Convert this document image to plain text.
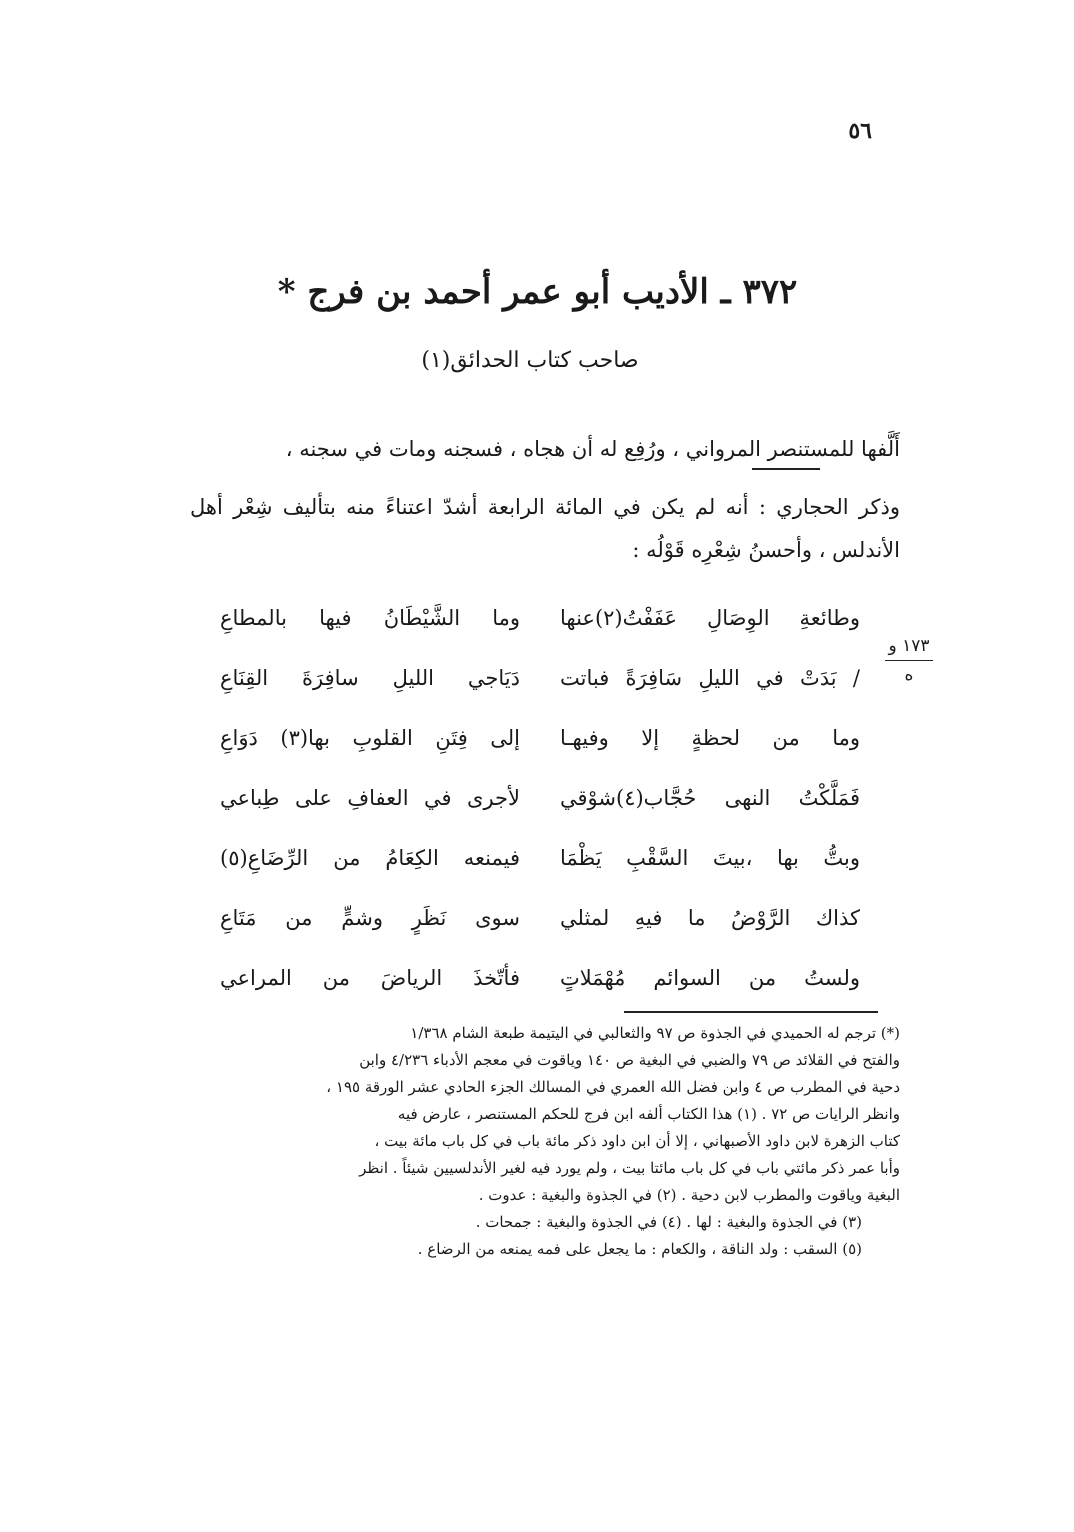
٥٦
٣٧٢ ـ الأديب أبو عمر أحمد بن فرج *
صاحب كتاب الحدائق(١)
أَلَّفها للمستنصر المرواني ، ورُفِع له أن هجاه ، فسجنه ومات في سجنه ،
وذكر الحجاري : أنه لم يكن في المائة الرابعة أشدّ اعتناءً منه بتأليف شِعْر أهل الأندلس ، وأحسنُ شِعْرِه قَوْلُه :
١٧٣ و
ه
وطائعةِ الوِصَالِ عَفَفْتُ(٢)عنها
وما الشَّيْطَانُ فيها بالمطاعِ
/ بَدَتْ في الليلِ سَافِرَةً فباتت
دَيَاجي الليلِ سافِرَةَ القِنَاعِ
وما من لحظةٍ إلا وفيهـا
إلى فِتَنِ القلوبِ بها(٣) دَوَاعِ
فَمَلَّكْتُ النهى حُجَّاب(٤)شوْقي
لأجرى في العفافِ على طِباعي
وبتُّ بها ،بيتَ السَّقْبِ يَظْمَا
فيمنعه الكِعَامُ من الرِّضَاعِ(٥)
كذاك الرَّوْضُ ما فيهِ لمثلي
سوى نَظَرٍ وشمٍّ من مَتَاعِ
ولستُ من السوائم مُهْمَلاتٍ
فأتّخذَ الرياضَ من المراعي
(*) ترجم له الحميدي في الجذوة ص ٩٧ والثعالبي في اليتيمة طبعة الشام ١/٣٦٨
والفتح في القلائد ص ٧٩ والضبي في البغية ص ١٤٠ وياقوت في معجم الأدباء ٤/٢٣٦ وابن
دحية في المطرب ص ٤ وابن فضل الله العمري في المسالك الجزء الحادي عشر الورقة ١٩٥ ،
وانظر الرايات ص ٧٢ . (١) هذا الكتاب ألفه ابن فرج للحكم المستنصر ، عارض فيه
كتاب الزهرة لابن داود الأصبهاني ، إلا أن ابن داود ذكر مائة باب في كل باب مائة بيت ،
وأبا عمر ذكر مائتي باب في كل باب مائتا بيت ، ولم يورد فيه لغير الأندلسيين شيئاً . انظر
البغية وياقوت والمطرب لابن دحية . (٢) في الجذوة والبغية : عدوت .
(٣) في الجذوة والبغية : لها . (٤) في الجذوة والبغية : جمحات .
(٥) السقب : ولد الناقة ، والكعام : ما يجعل على فمه يمنعه من الرضاع .
